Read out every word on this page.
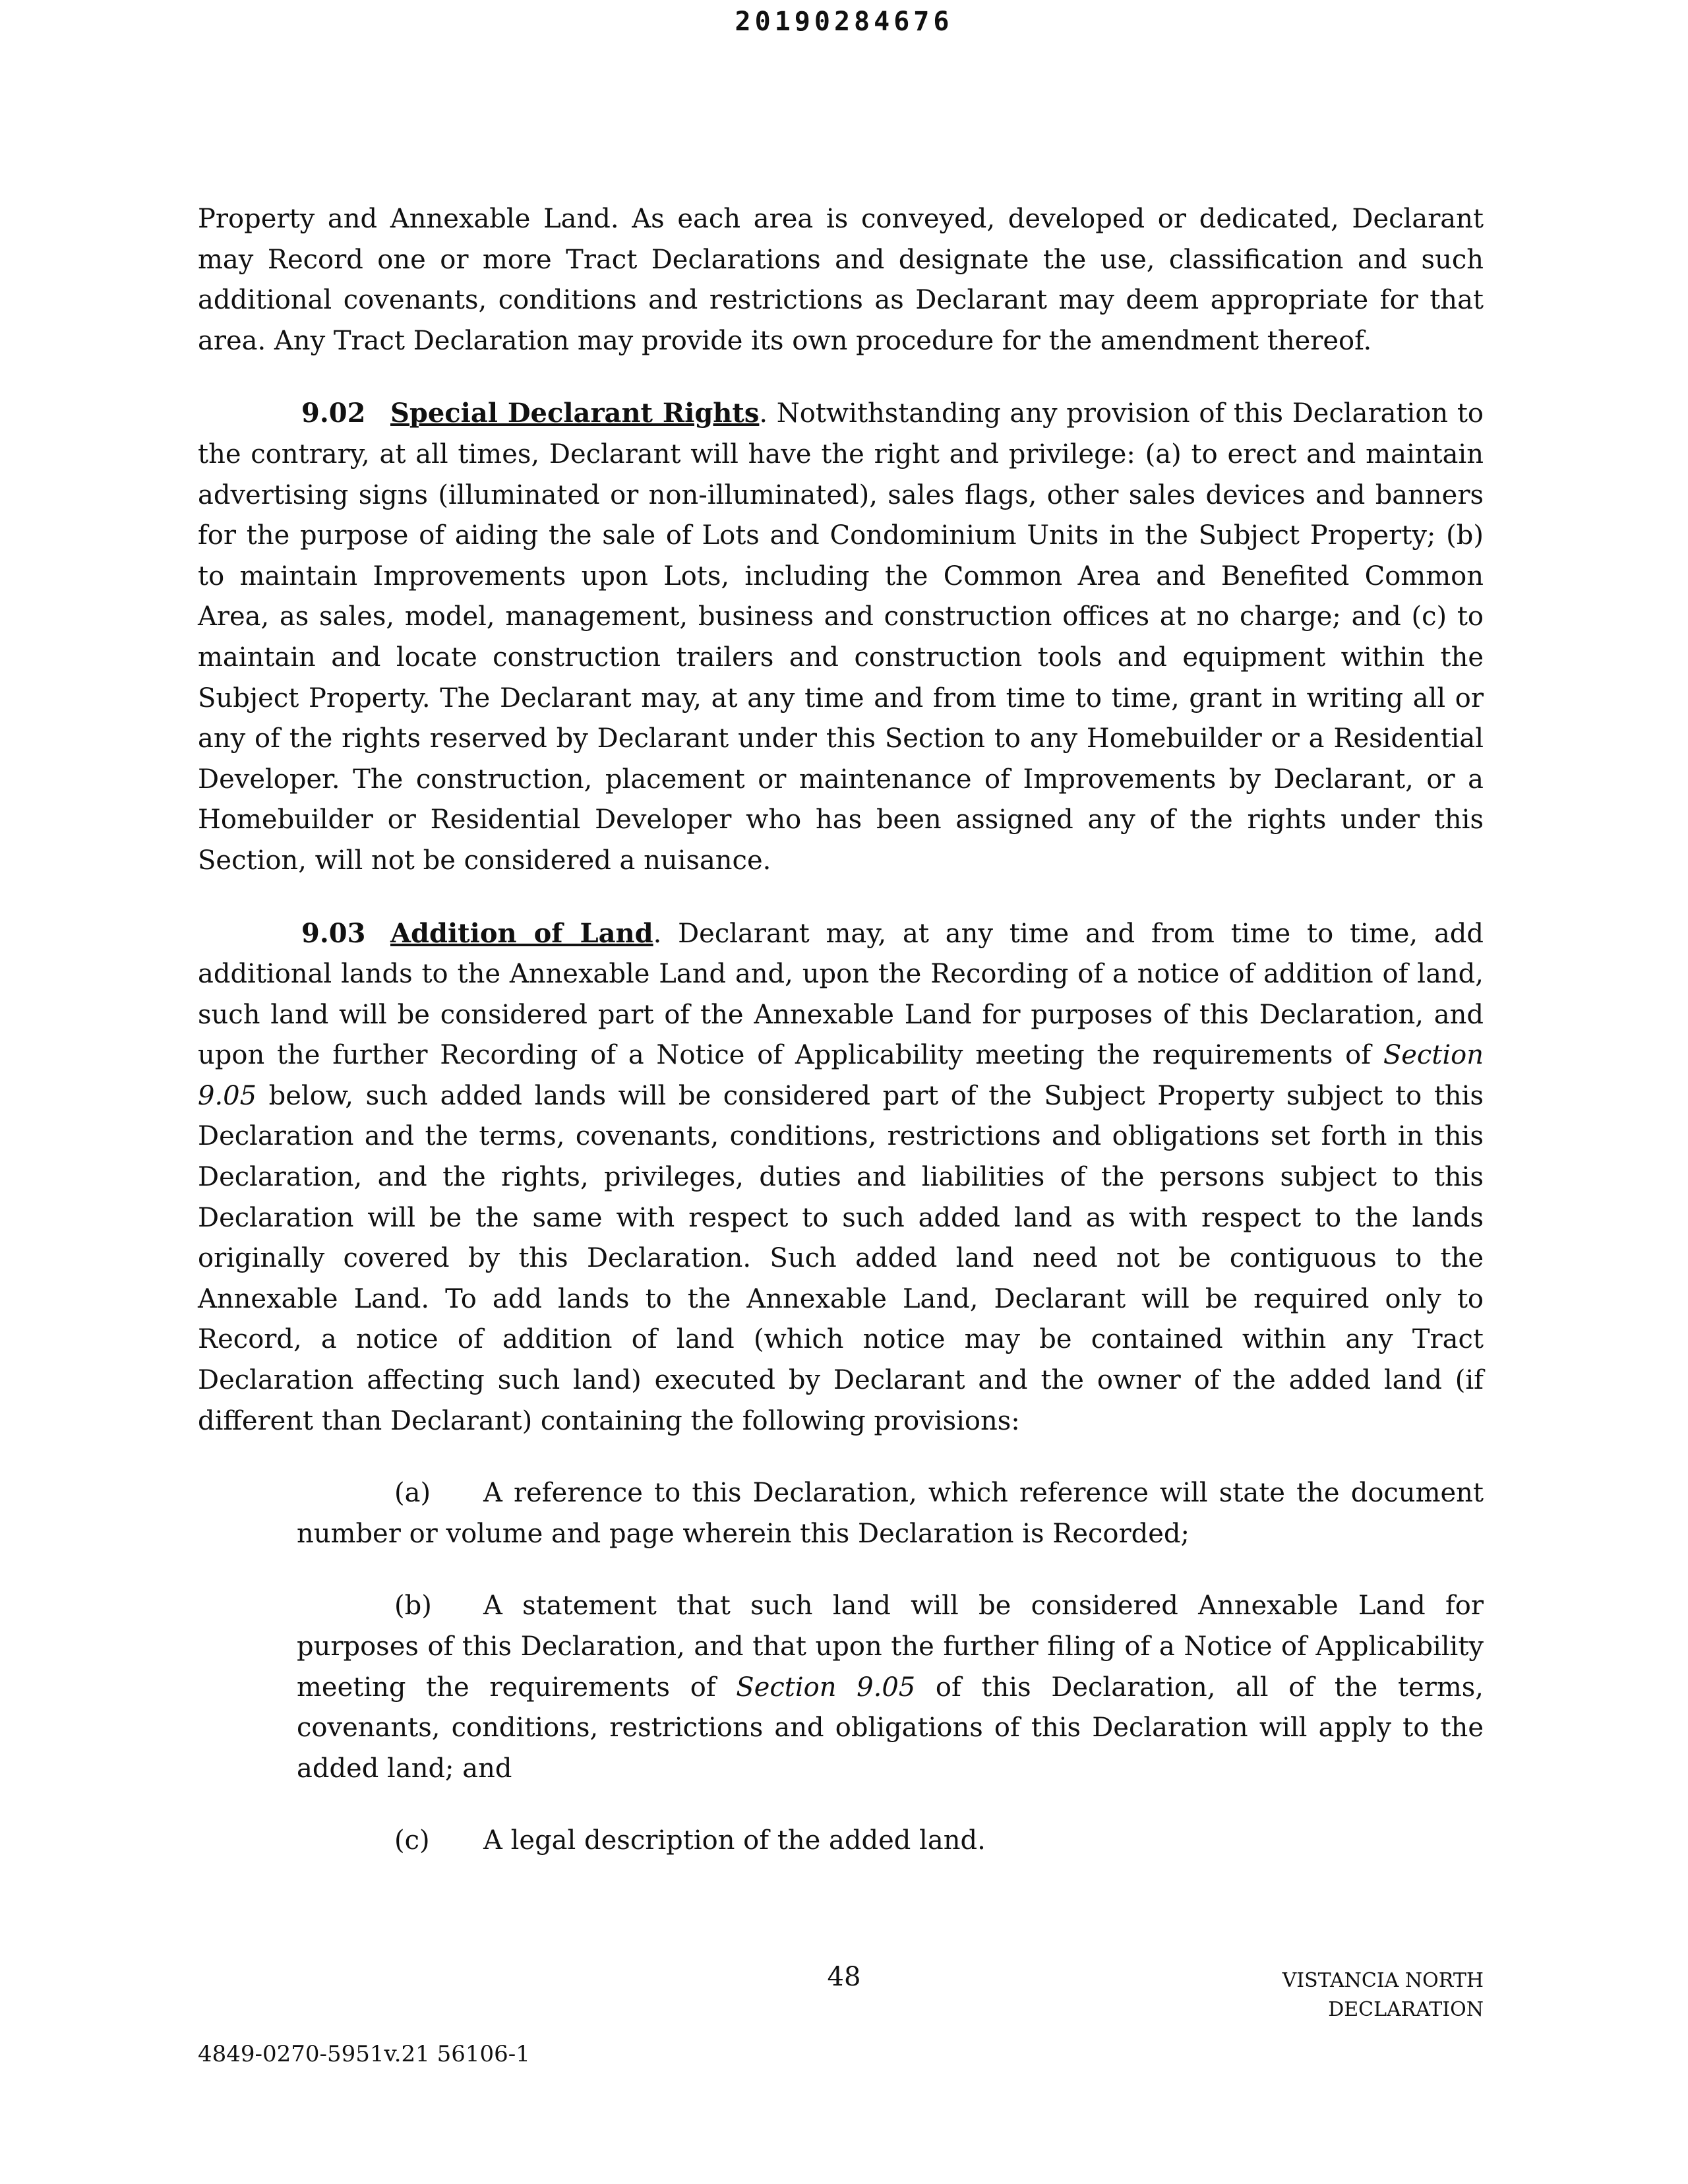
20190284676

Property and Annexable Land. As each area is conveyed, developed or dedicated, Declarant may Record one or more Tract Declarations and designate the use, classification and such additional covenants, conditions and restrictions as Declarant may deem appropriate for that area. Any Tract Declaration may provide its own procedure for the amendment thereof.

9.02 Special Declarant Rights. Notwithstanding any provision of this Declaration to the contrary, at all times, Declarant will have the right and privilege: (a) to erect and maintain advertising signs (illuminated or non-illuminated), sales flags, other sales devices and banners for the purpose of aiding the sale of Lots and Condominium Units in the Subject Property; (b) to maintain Improvements upon Lots, including the Common Area and Benefited Common Area, as sales, model, management, business and construction offices at no charge; and (c) to maintain and locate construction trailers and construction tools and equipment within the Subject Property. The Declarant may, at any time and from time to time, grant in writing all or any of the rights reserved by Declarant under this Section to any Homebuilder or a Residential Developer. The construction, placement or maintenance of Improvements by Declarant, or a Homebuilder or Residential Developer who has been assigned any of the rights under this Section, will not be considered a nuisance.

9.03 Addition of Land. Declarant may, at any time and from time to time, add additional lands to the Annexable Land and, upon the Recording of a notice of addition of land, such land will be considered part of the Annexable Land for purposes of this Declaration, and upon the further Recording of a Notice of Applicability meeting the requirements of Section 9.05 below, such added lands will be considered part of the Subject Property subject to this Declaration and the terms, covenants, conditions, restrictions and obligations set forth in this Declaration, and the rights, privileges, duties and liabilities of the persons subject to this Declaration will be the same with respect to such added land as with respect to the lands originally covered by this Declaration. Such added land need not be contiguous to the Annexable Land. To add lands to the Annexable Land, Declarant will be required only to Record, a notice of addition of land (which notice may be contained within any Tract Declaration affecting such land) executed by Declarant and the owner of the added land (if different than Declarant) containing the following provisions:

(a) A reference to this Declaration, which reference will state the document number or volume and page wherein this Declaration is Recorded;

(b) A statement that such land will be considered Annexable Land for purposes of this Declaration, and that upon the further filing of a Notice of Applicability meeting the requirements of Section 9.05 of this Declaration, all of the terms, covenants, conditions, restrictions and obligations of this Declaration will apply to the added land; and

(c) A legal description of the added land.

48	VISTANCIA NORTH
DECLARATION
4849-0270-5951v.21 56106-1
